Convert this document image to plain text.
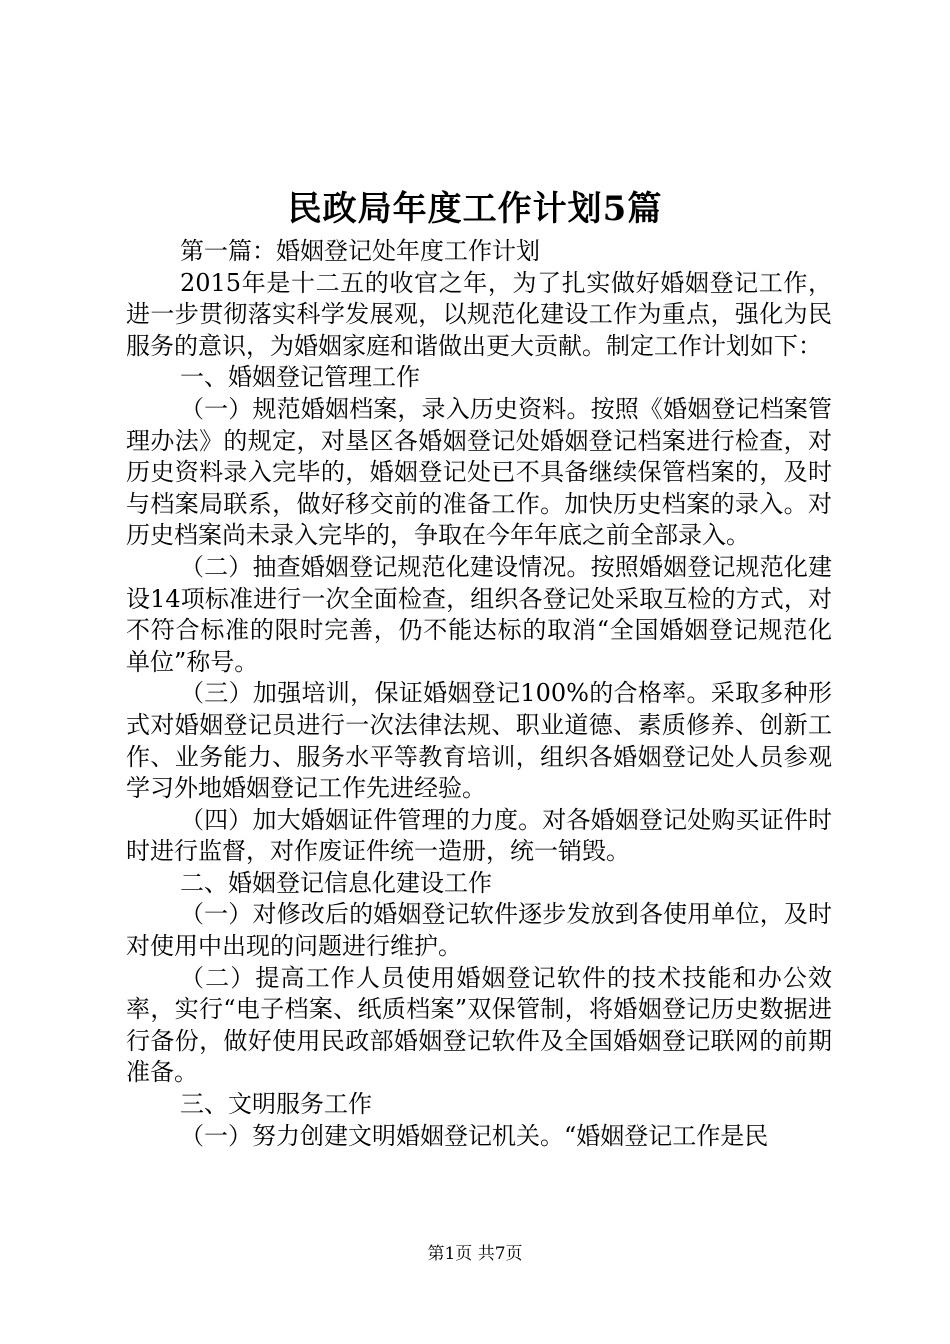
民政局年度工作计划5篇

第一篇：婚姻登记处年度工作计划

2015年是十二五的收官之年，为了扎实做好婚姻登记工作，进一步贯彻落实科学发展观，以规范化建设工作为重点，强化为民服务的意识，为婚姻家庭和谐做出更大贡献。制定工作计划如下：

一、婚姻登记管理工作

（一）规范婚姻档案，录入历史资料。按照《婚姻登记档案管理办法》的规定，对垦区各婚姻登记处婚姻登记档案进行检查，对历史资料录入完毕的，婚姻登记处已不具备继续保管档案的，及时与档案局联系，做好移交前的准备工作。加快历史档案的录入。对历史档案尚未录入完毕的，争取在今年年底之前全部录入。

（二）抽查婚姻登记规范化建设情况。按照婚姻登记规范化建设14项标准进行一次全面检查，组织各登记处采取互检的方式，对不符合标准的限时完善，仍不能达标的取消“全国婚姻登记规范化单位”称号。

（三）加强培训，保证婚姻登记100%的合格率。采取多种形式对婚姻登记员进行一次法律法规、职业道德、素质修养、创新工作、业务能力、服务水平等教育培训，组织各婚姻登记处人员参观学习外地婚姻登记工作先进经验。

（四）加大婚姻证件管理的力度。对各婚姻登记处购买证件时时进行监督，对作废证件统一造册，统一销毁。

二、婚姻登记信息化建设工作

（一）对修改后的婚姻登记软件逐步发放到各使用单位，及时对使用中出现的问题进行维护。

（二）提高工作人员使用婚姻登记软件的技术技能和办公效率，实行“电子档案、纸质档案”双保管制，将婚姻登记历史数据进行备份，做好使用民政部婚姻登记软件及全国婚姻登记联网的前期准备。

三、文明服务工作

（一）努力创建文明婚姻登记机关。“婚姻登记工作是民

第1页 共7页
